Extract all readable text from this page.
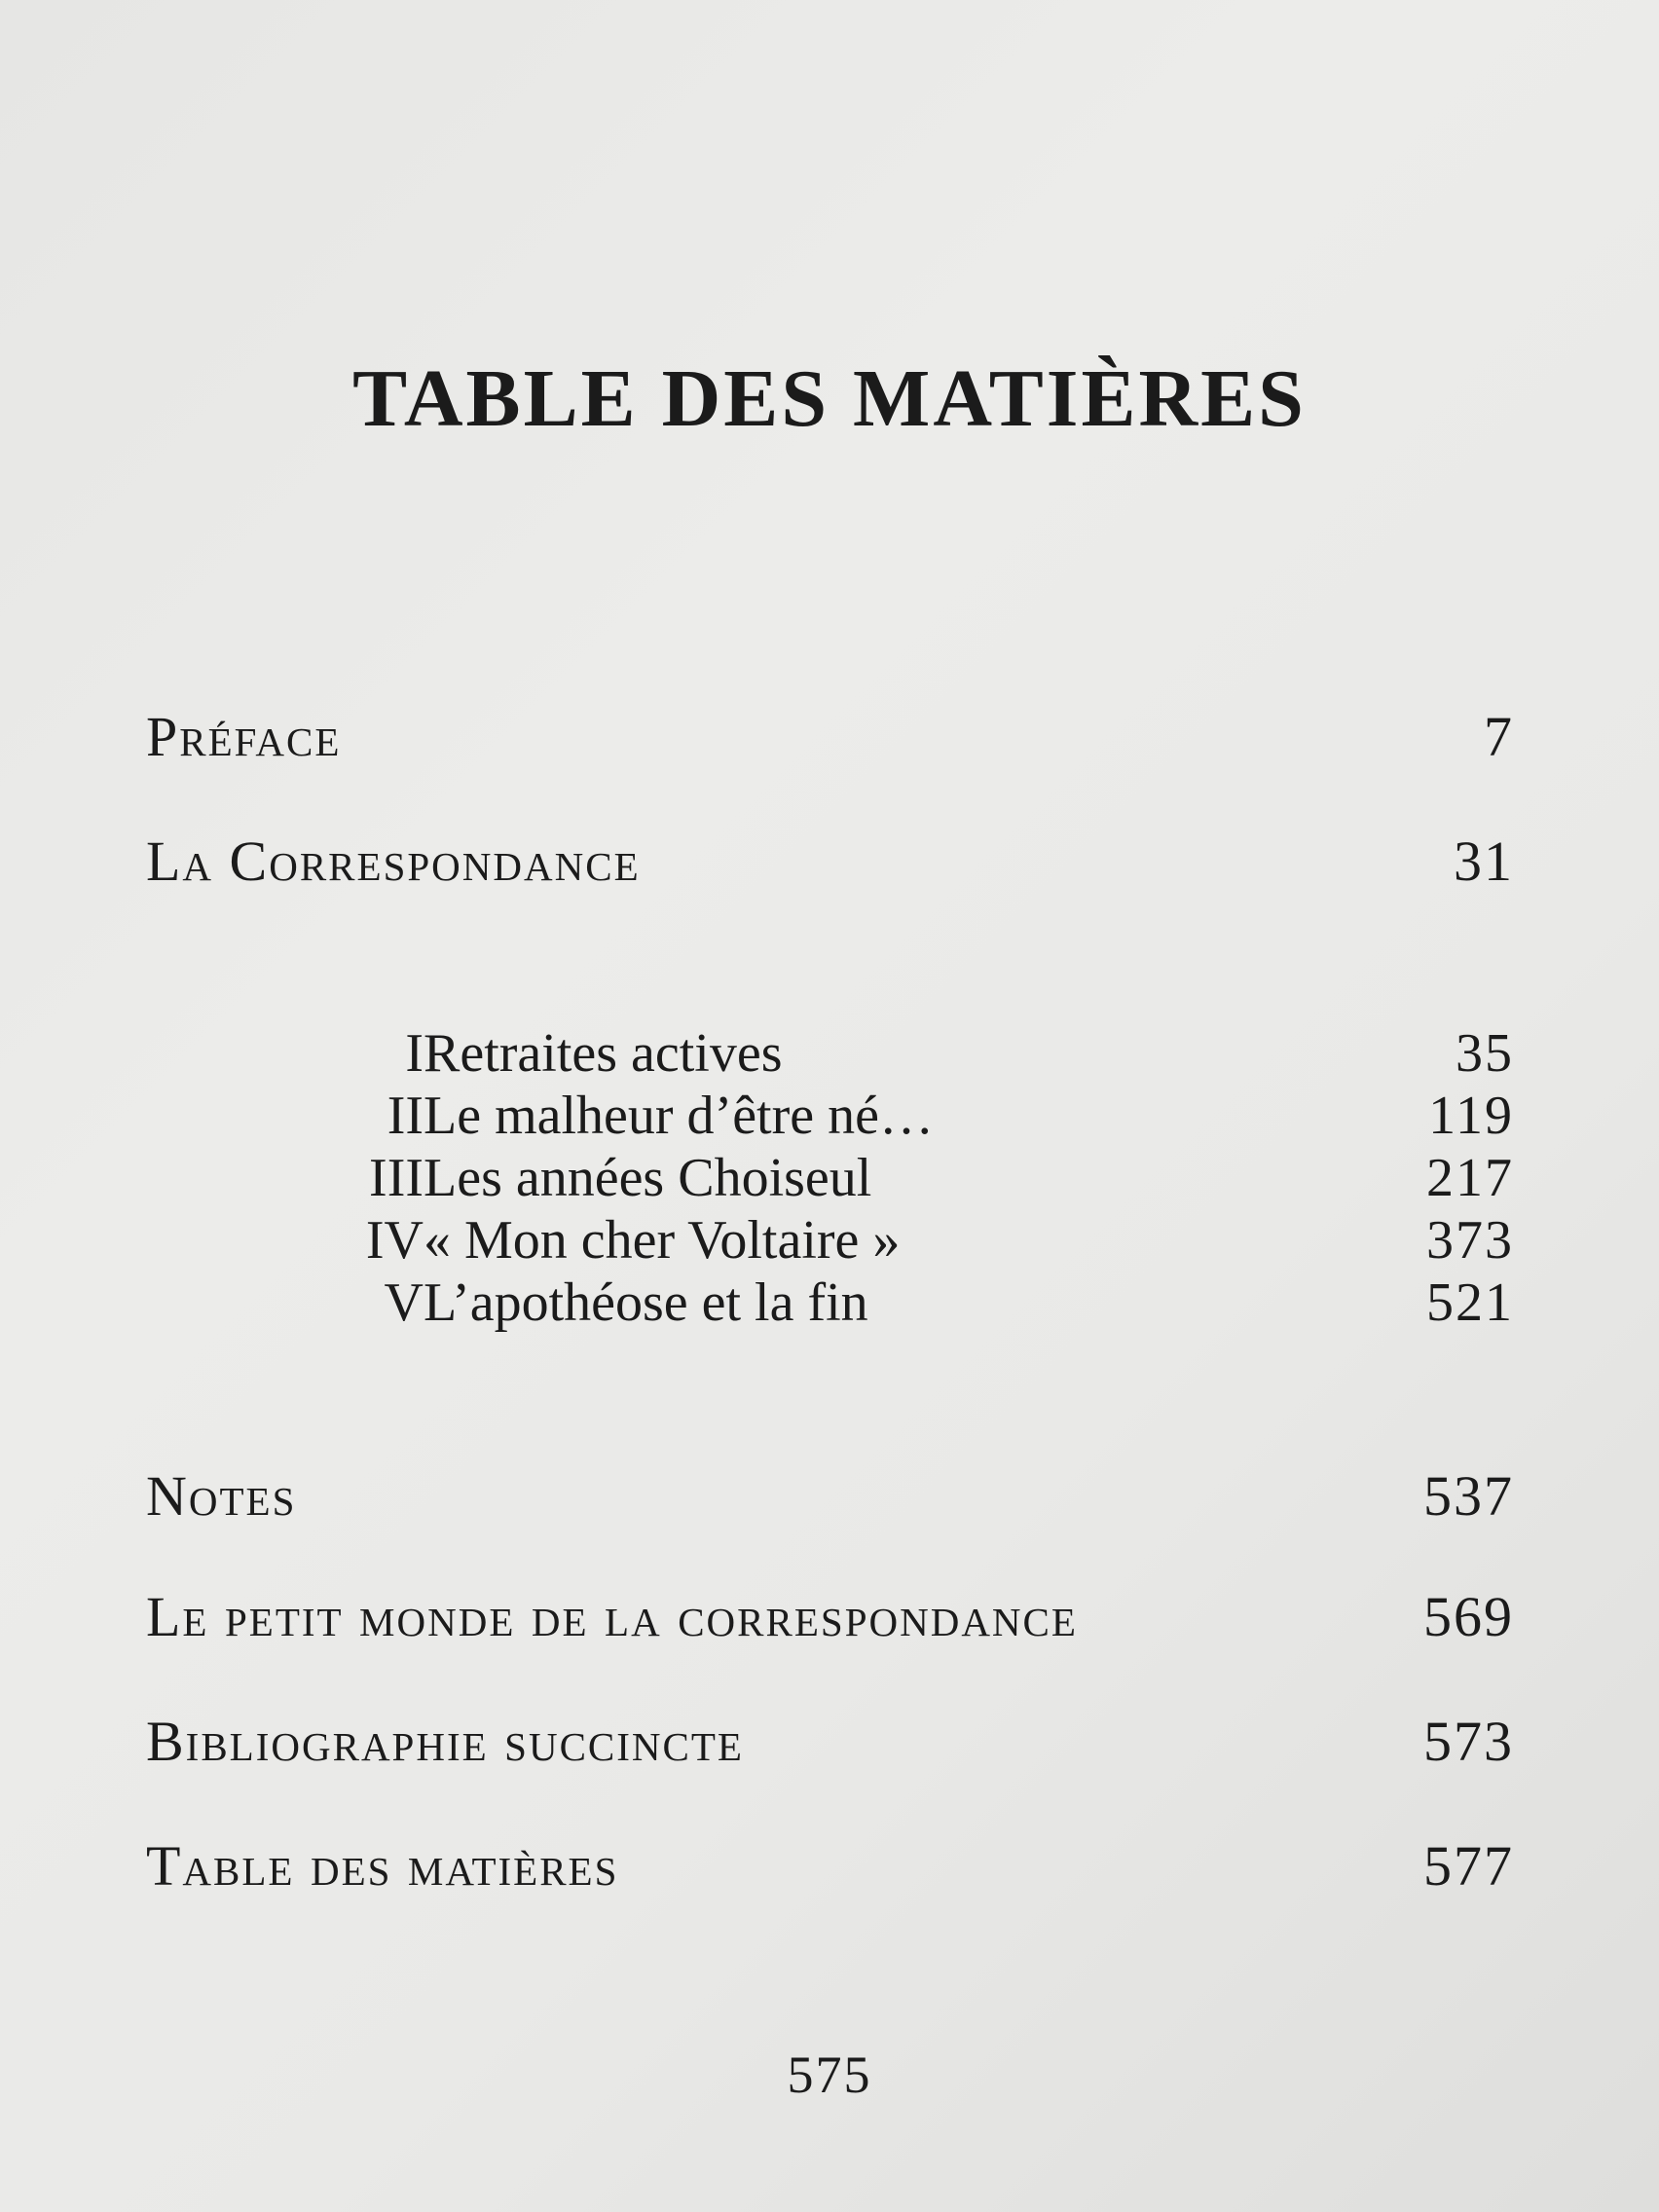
TABLE DES MATIÈRES
Préface	7
La Correspondance	31
I Retraites actives	35
II Le malheur d’être né…	119
III Les années Choiseul	217
IV « Mon cher Voltaire »	373
V L’apothéose et la fin	521
Notes	537
Le petit monde de la correspondance	569
Bibliographie succincte	573
Table des matières	577
575
